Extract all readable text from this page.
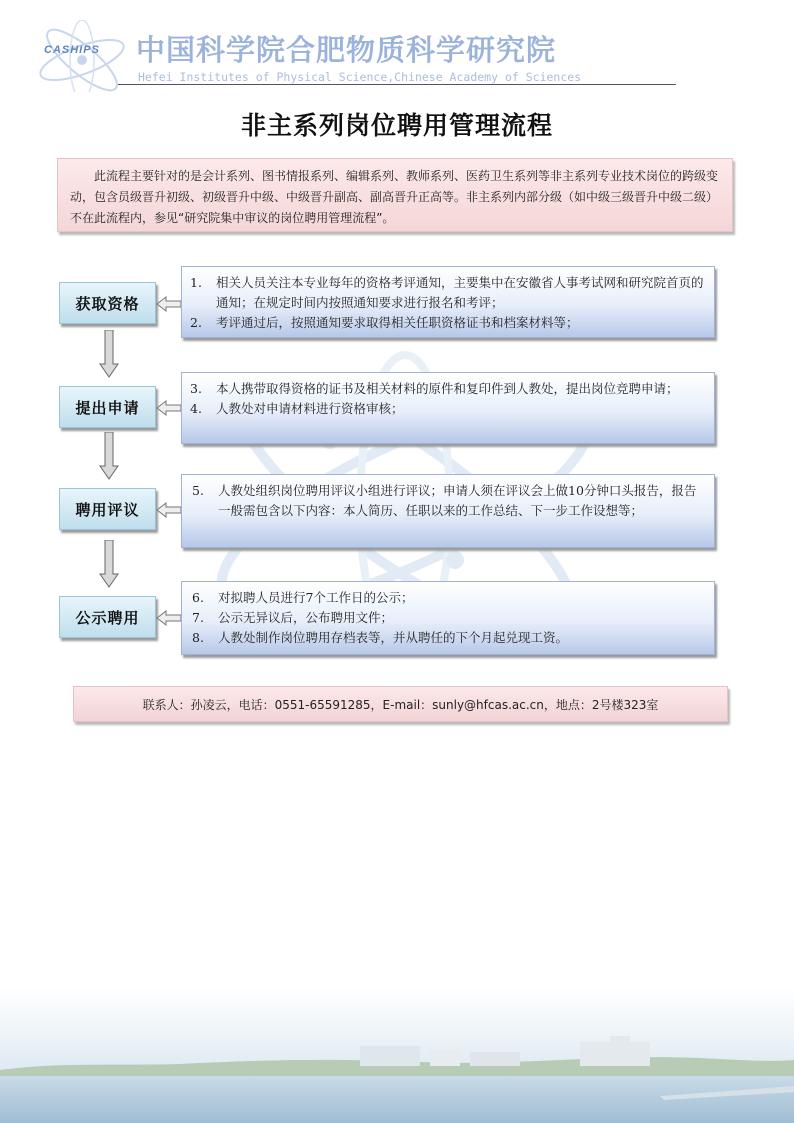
CASHIPS 中国科学院合肥物质科学研究院
Hefei Institutes of Physical Science,Chinese Academy of Sciences
非主系列岗位聘用管理流程
此流程主要针对的是会计系列、图书情报系列、编辑系列、教师系列、医药卫生系列等非主系列专业技术岗位的跨级变动，包含员级晋升初级、初级晋升中级、中级晋升副高、副高晋升正高等。非主系列内部分级（如中级三级晋升中级二级）不在此流程内，参见“研究院集中审议的岗位聘用管理流程”。
获取资格
1.	相关人员关注本专业每年的资格考评通知，主要集中在安徽省人事考试网和研究院首页的通知；在规定时间内按照通知要求进行报名和考评；
2.	考评通过后，按照通知要求取得相关任职资格证书和档案材料等；
提出申请
3.	本人携带取得资格的证书及相关材料的原件和复印件到人教处，提出岗位竞聘申请；
4.	人教处对申请材料进行资格审核；
聘用评议
5.	人教处组织岗位聘用评议小组进行评议；申请人须在评议会上做10分钟口头报告，报告一般需包含以下内容：本人简历、任职以来的工作总结、下一步工作设想等；
公示聘用
6.	对拟聘人员进行7个工作日的公示；
7.	公示无异议后，公布聘用文件；
8.	人教处制作岗位聘用存档表等，并从聘任的下个月起兑现工资。
联系人：孙凌云，电话：0551-65591285，E-mail：sunly@hfcas.ac.cn，地点：2号楼323室
